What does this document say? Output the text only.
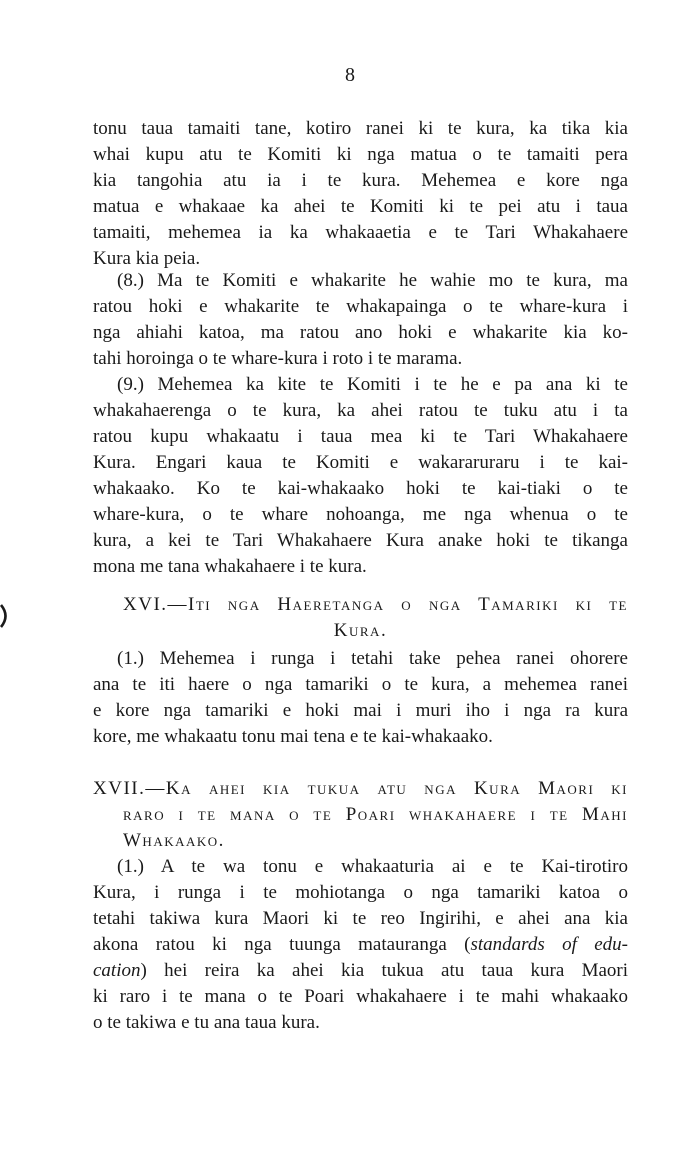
8
tonu taua tamaiti tane, kotiro ranei ki te kura, ka tika kia
whai kupu atu te Komiti ki nga matua o te tamaiti pera
kia tangohia atu ia i te kura. Mehemea e kore nga
matua e whakaae ka ahei te Komiti ki te pei atu i taua
tamaiti, mehemea ia ka whakaaetia e te Tari Whakahaere
Kura kia peia.
(8.) Ma te Komiti e whakarite he wahie mo te kura, ma
ratou hoki e whakarite te whakapainga o te whare-kura i
nga ahiahi katoa, ma ratou ano hoki e whakarite kia ko-
tahi horoinga o te whare-kura i roto i te marama.
(9.) Mehemea ka kite te Komiti i te he e pa ana ki te
whakahaerenga o te kura, ka ahei ratou te tuku atu i ta
ratou kupu whakaatu i taua mea ki te Tari Whakahaere
Kura. Engari kaua te Komiti e wakararuraru i te kai-
whakaako. Ko te kai-whakaako hoki te kai-tiaki o te
whare-kura, o te whare nohoanga, me nga whenua o te
kura, a kei te Tari Whakahaere Kura anake hoki te tikanga
mona me tana whakahaere i te kura.
XVI.—Iti nga Haeretanga o nga Tamariki ki te
Kura.
(1.) Mehemea i runga i tetahi take pehea ranei ohorere
ana te iti haere o nga tamariki o te kura, a mehemea ranei
e kore nga tamariki e hoki mai i muri iho i nga ra kura
kore, me whakaatu tonu mai tena e te kai-whakaako.
XVII.—Ka ahei kia tukua atu nga Kura Maori ki
raro i te mana o te Poari whakahaere i te Mahi
Whakaako.
(1.) A te wa tonu e whakaaturia ai e te Kai-tirotiro
Kura, i runga i te mohiotanga o nga tamariki katoa o
tetahi takiwa kura Maori ki te reo Ingirihi, e ahei ana kia
akona ratou ki nga tuunga matauranga (standards of edu-
cation) hei reira ka ahei kia tukua atu taua kura Maori
ki raro i te mana o te Poari whakahaere i te mahi whakaako
o te takiwa e tu ana taua kura.
